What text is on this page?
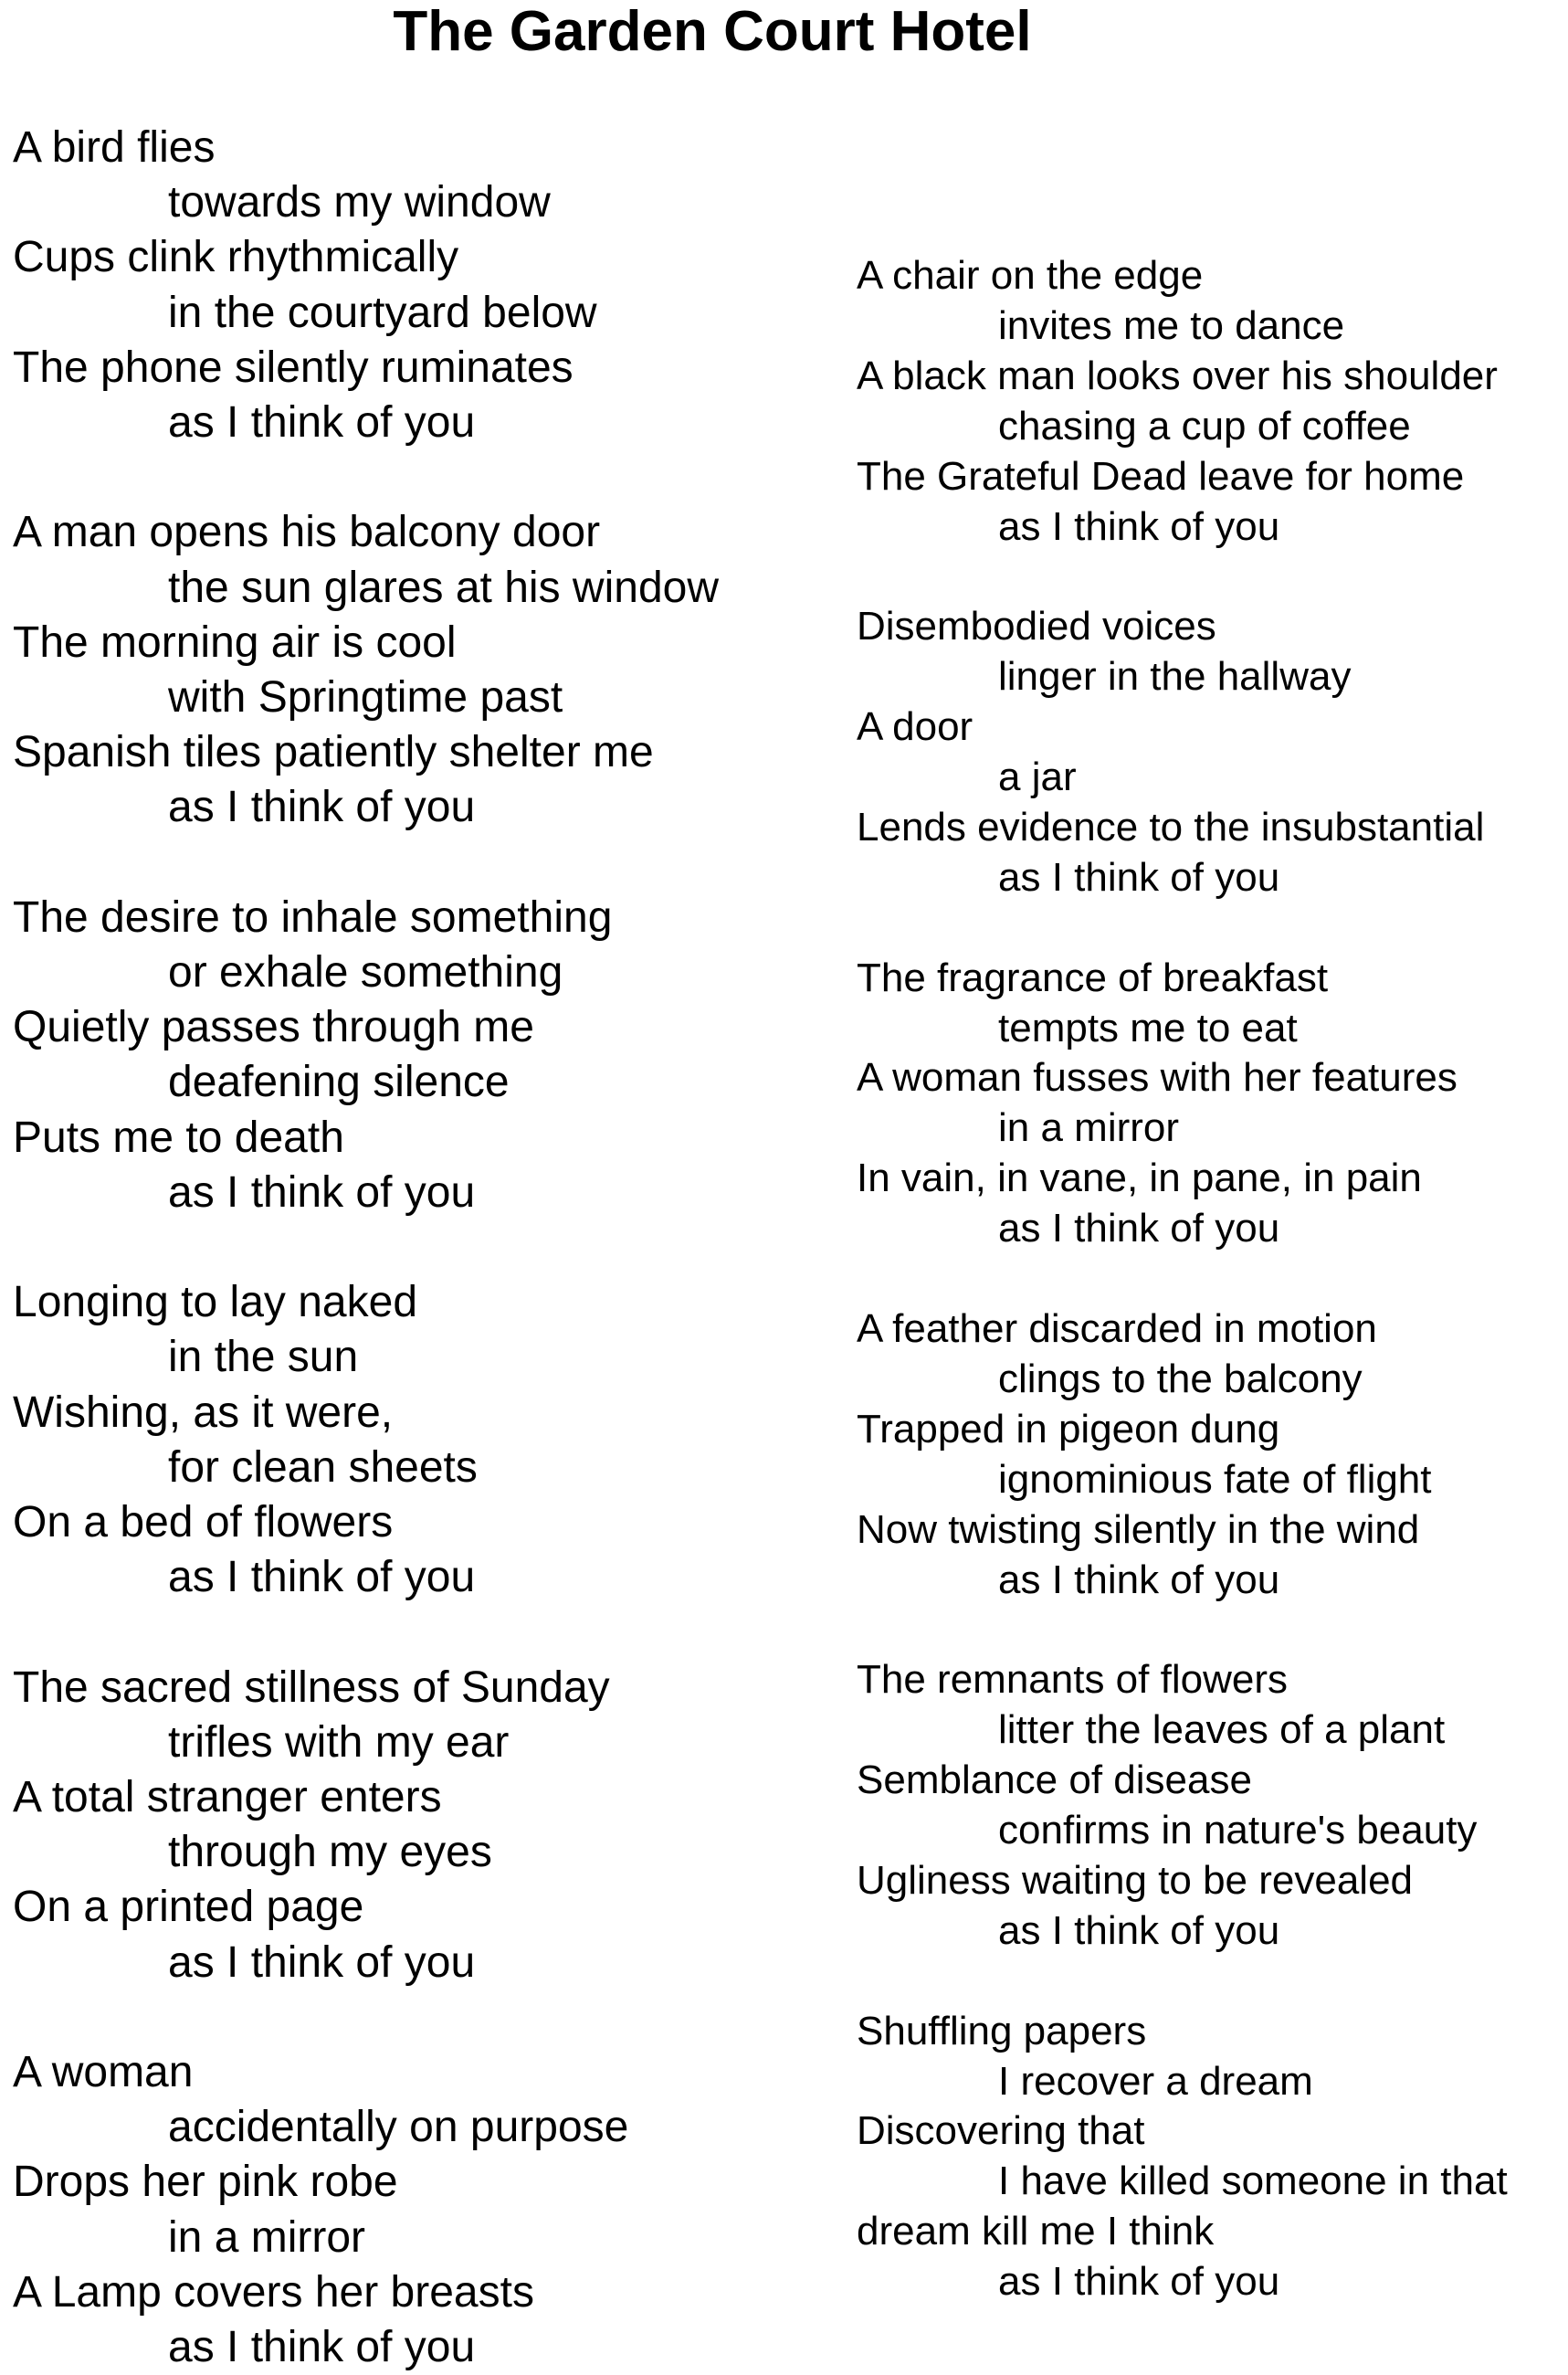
The Garden Court Hotel
A bird flies
towards my window
Cups clink rhythmically
in the courtyard below
The phone silently ruminates
as I think of you
A man opens his balcony door
the sun glares at his window
The morning air is cool
with Springtime past
Spanish tiles patiently shelter me
as I think of you
The desire to inhale something
or exhale something
Quietly passes through me
deafening silence
Puts me to death
as I think of you
Longing to lay naked
in the sun
Wishing, as it were,
for clean sheets
On a bed of flowers
as I think of you
The sacred stillness of Sunday
trifles with my ear
A total stranger enters
through my eyes
On a printed page
as I think of you
A woman
accidentally on purpose
Drops her pink robe
in a mirror
A Lamp covers her breasts
as I think of you
A chair on the edge
invites me to dance
A black man looks over his shoulder
chasing a cup of coffee
The Grateful Dead leave for home
as I think of you
Disembodied voices
linger in the hallway
A door
a jar
Lends evidence to the insubstantial
as I think of you
The fragrance of breakfast
tempts me to eat
A woman fusses with her features
in a mirror
In vain, in vane, in pane, in pain
as I think of you
A feather discarded in motion
clings to the balcony
Trapped in pigeon dung
ignominious fate of flight
Now twisting silently in the wind
as I think of you
The remnants of flowers
litter the leaves of a plant
Semblance of disease
confirms in nature's beauty
Ugliness waiting to be revealed
as I think of you
Shuffling papers
I recover a dream
Discovering that
I have killed someone in that
dream kill me I think
as I think of you
